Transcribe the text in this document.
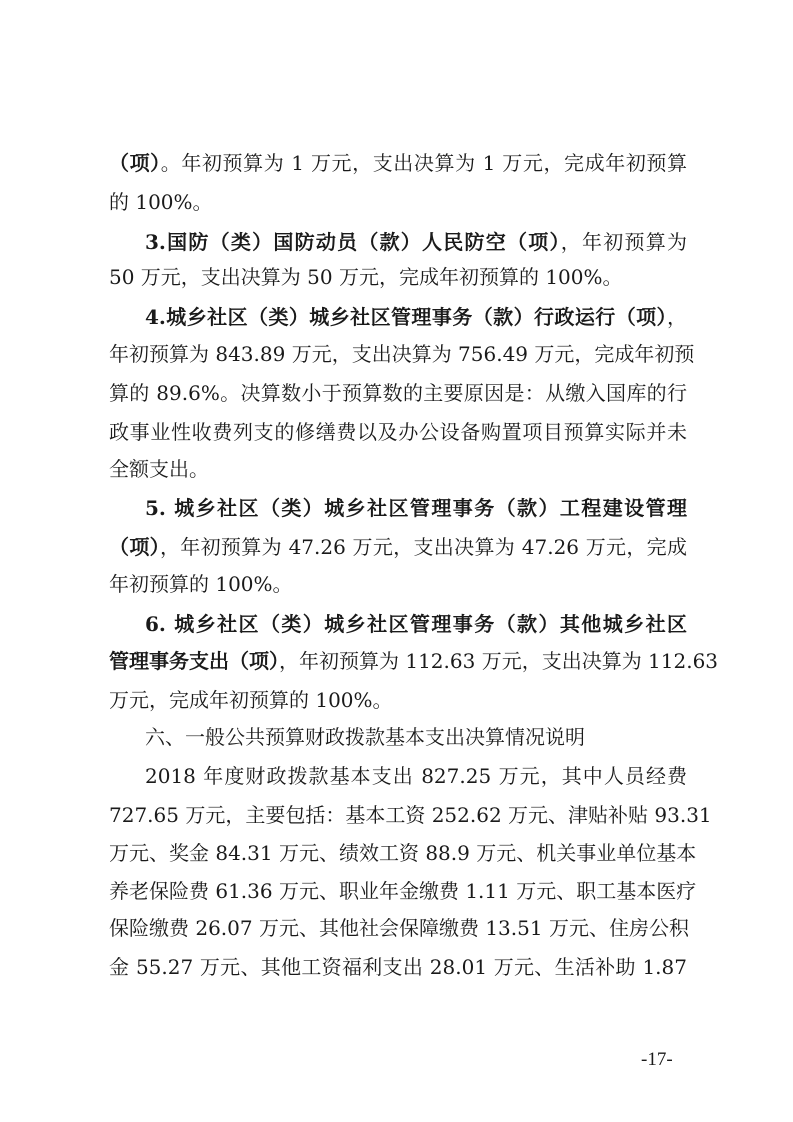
（项）。年初预算为 1 万元，支出决算为 1 万元，完成年初预算
的 100%。
3.国防（类）国防动员（款）人民防空（项），年初预算为
50 万元，支出决算为 50 万元，完成年初预算的 100%。
4.城乡社区（类）城乡社区管理事务（款）行政运行（项），
年初预算为 843.89 万元，支出决算为 756.49 万元，完成年初预
算的 89.6%。决算数小于预算数的主要原因是：从缴入国库的行
政事业性收费列支的修缮费以及办公设备购置项目预算实际并未
全额支出。
5. 城乡社区（类）城乡社区管理事务（款）工程建设管理
（项），年初预算为 47.26 万元，支出决算为 47.26 万元，完成
年初预算的 100%。
6. 城乡社区（类）城乡社区管理事务（款）其他城乡社区
管理事务支出（项），年初预算为 112.63 万元，支出决算为 112.63
万元，完成年初预算的 100%。
六、一般公共预算财政拨款基本支出决算情况说明
2018 年度财政拨款基本支出 827.25 万元，其中人员经费
727.65 万元，主要包括：基本工资 252.62 万元、津贴补贴 93.31
万元、奖金 84.31 万元、绩效工资 88.9 万元、机关事业单位基本
养老保险费 61.36 万元、职业年金缴费 1.11 万元、职工基本医疗
保险缴费 26.07 万元、其他社会保障缴费 13.51 万元、住房公积
金 55.27 万元、其他工资福利支出 28.01 万元、生活补助 1.87
-17-
